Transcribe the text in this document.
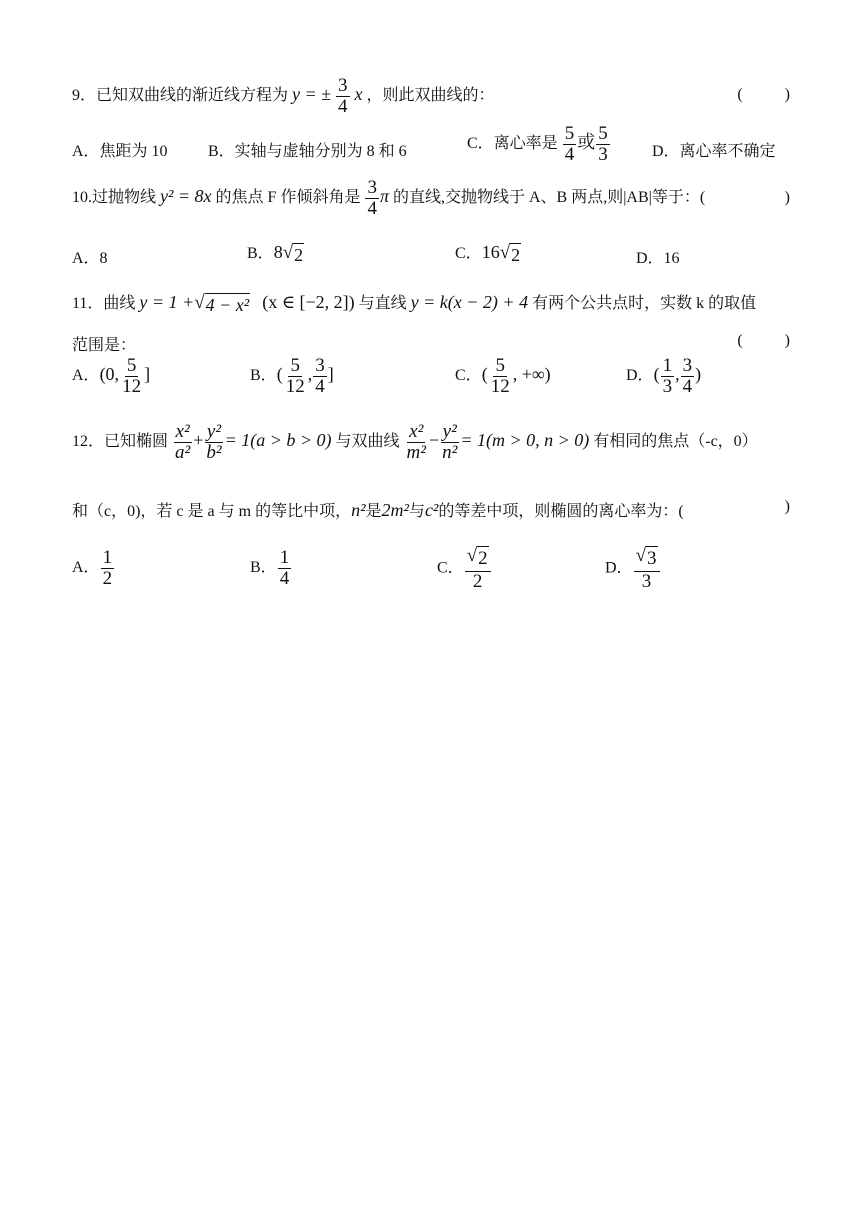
9．已知双曲线的渐近线方程为 y = ± $\frac{3}{4}$ x ，则此双曲线的：	(	)
A．焦距为 10	B．实轴与虚轴分别为 8 和 6	C．离心率是 $\frac{5}{4}$ 或 $\frac{5}{3}$	D．离心率不确定
10.过抛物线 y² = 8x 的焦点 F 作倾斜角是 $\frac{3}{4}$ π 的直线,交抛物线于 A、B 两点,则|AB|等于：(	)
A．8	B．8 √ 2	C．16 √ 2	D．16
11．曲线 y = 1 + √ 4 − x² (x ∈ [−2, 2]) 与直线 y = k(x − 2) + 4 有两个公共点时，实数 k 的取值
范围是：	(	)
A．(0, $\frac{5}{12}$ ]	B．( $\frac{5}{12}$ , $\frac{3}{4}$ ]	C．( $\frac{5}{12}$ , +∞)	D．( $\frac{1}{3}$ , $\frac{3}{4}$ )
12．已知椭圆 $\frac{\text{x²}}{\text{a²}} + \frac{\text{y²}}{\text{b²}} = 1(a > b > 0)$ 与双曲线 $\frac{\text{x²}}{\text{m²}} - \frac{\text{y²}}{\text{n²}} = 1(m > 0$, n > 0) 有相同的焦点（-c，0）
和（c，0)，若 c 是 a 与 m 的等比中项，n²是2m²与c²的等差中项，则椭圆的离心率为：(	)
A． $\frac{1}{2}$	B． $\frac{1}{4}$	C． $\frac{√ 2}{2}$	D． $\frac{√ 3}{3}$
